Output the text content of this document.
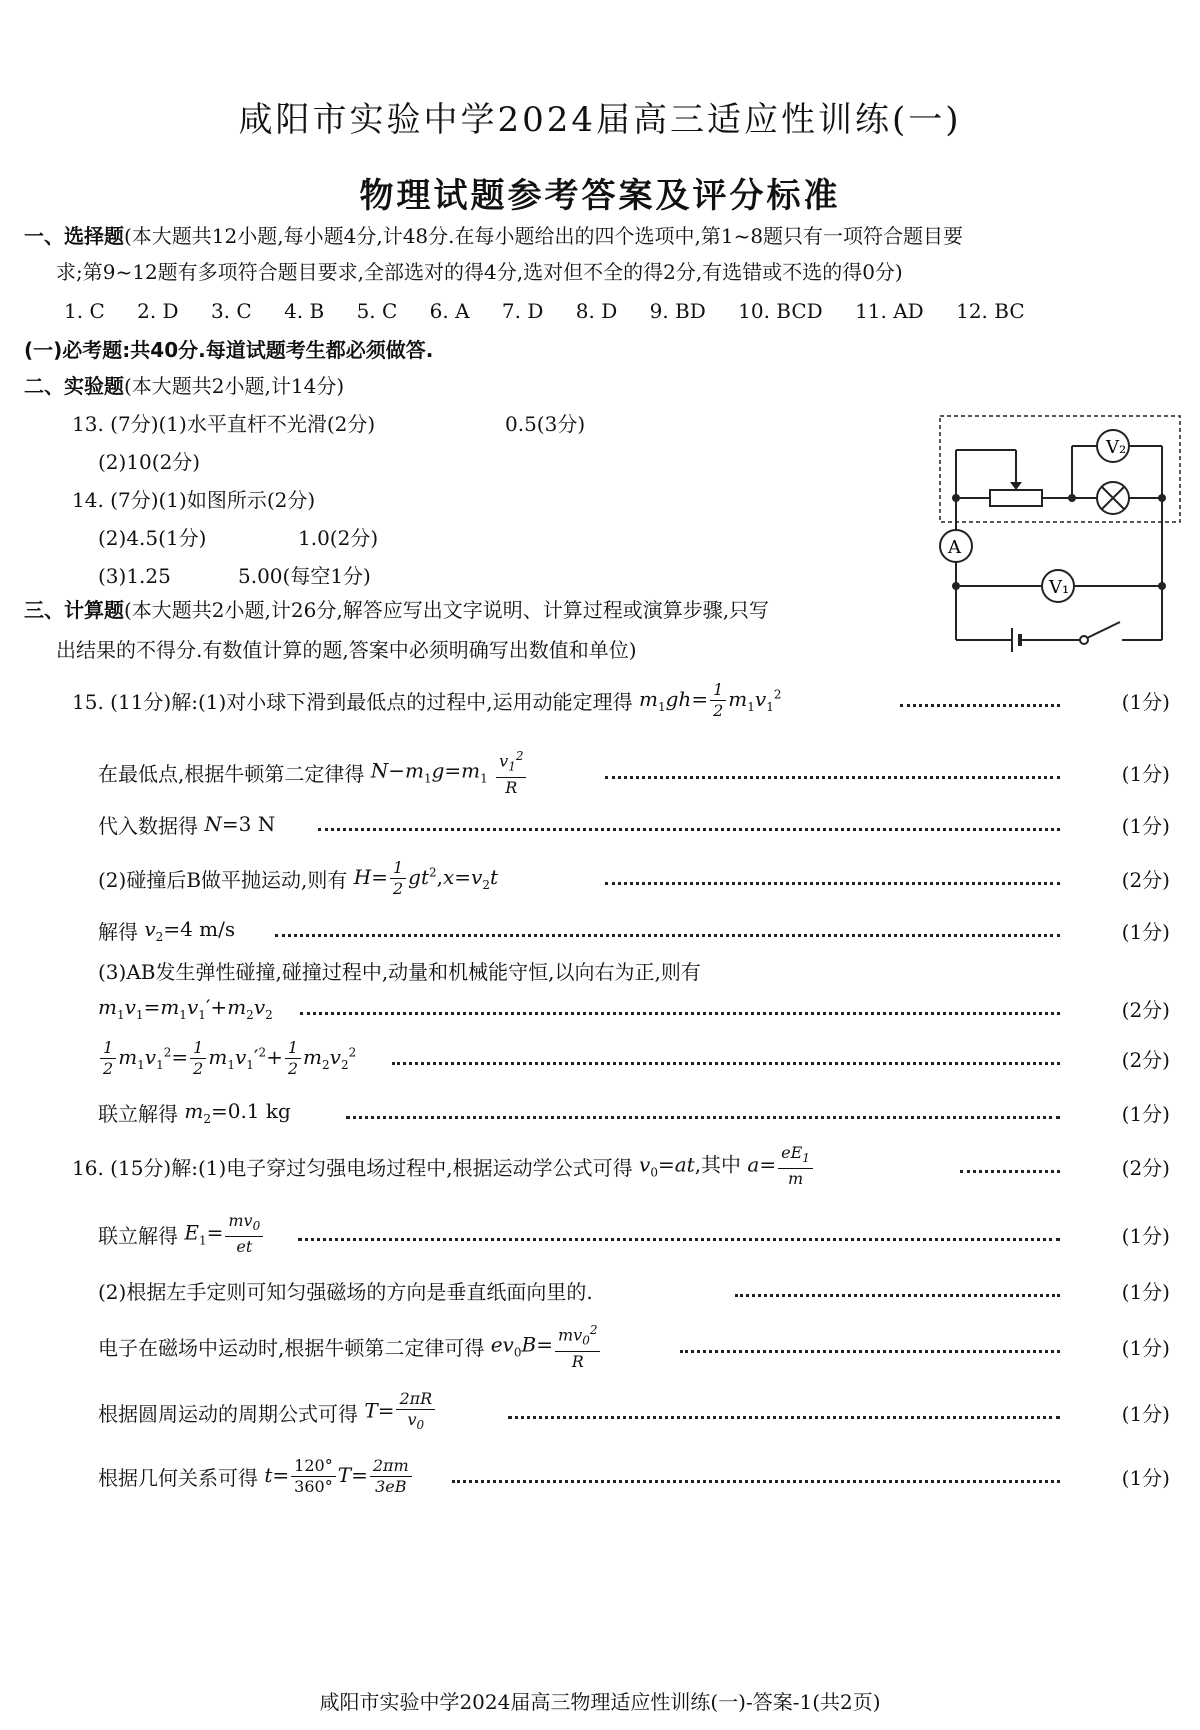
咸阳市实验中学2024届高三适应性训练(一)
物理试题参考答案及评分标准
一、选择题(本大题共12小题,每小题4分,计48分.在每小题给出的四个选项中,第1~8题只有一项符合题目要
求;第9~12题有多项符合题目要求,全部选对的得4分,选对但不全的得2分,有选错或不选的得0分)
1. C 2. D 3. C 4. B 5. C 6. A 7. D 8. D 9. BD 10. BCD 11. AD 12. BC
(一)必考题:共40分.每道试题考生都必须做答.
二、实验题(本大题共2小题,计14分)
13. (7分)(1)水平直杆不光滑(2分)	0.5(3分)
(2)10(2分)
14. (7分)(1)如图所示(2分)
(2)4.5(1分)	1.0(2分)
(3)1.25	5.00(每空1分)
V₂
A
V₁
三、计算题(本大题共2小题,计26分,解答应写出文字说明、计算过程或演算步骤,只写
出结果的不得分.有数值计算的题,答案中必须明确写出数值和单位)
15. (11分)解:(1)对小球下滑到最低点的过程中,运用动能定理得
$m_1gh= \frac{1}{2} m_1v_1^2$	(1分)
在最低点,根据牛顿第二定律得
$N-m_1g=m_1 \frac{v_1^2}{R}$	(1分)
代入数据得
N=3 N	(1分)
(2)碰撞后B做平抛运动,则有
$H= \frac{1}{2} gt^2,x=v_2t$	(2分)
解得
$v_2=4$ m/s	(1分)
(3)AB发生弹性碰撞,碰撞过程中,动量和机械能守恒,以向右为正,则有
$m_1v_1=m_1v_1'+m_2v_2$	(2分)
$\frac{1}{2} m_1v_1^2= \frac{1}{2} m_1v_1'^2+ \frac{1}{2} m_2v_2^2$	(2分)
联立解得
$m_2=0.1$ kg	(1分)
16. (15分)解:(1)电子穿过匀强电场过程中,根据运动学公式可得
$v_0=at$,其中 $a= \frac{eE_1}{m}$	(2分)
联立解得
$E_1= \frac{mv_0}{et}$	(1分)
(2)根据左手定则可知匀强磁场的方向是垂直纸面向里的.	(1分)
电子在磁场中运动时,根据牛顿第二定律可得
$ev_0B= \frac{mv_0^2}{R}$	(1分)
根据圆周运动的周期公式可得
$T= \frac{2\pi R}{v_0}$	(1分)
根据几何关系可得
$t= \frac{120^\circ}{360^\circ} T= \frac{2\pi m}{3eB}$	(1分)
咸阳市实验中学2024届高三物理适应性训练(一)-答案-1(共2页)
